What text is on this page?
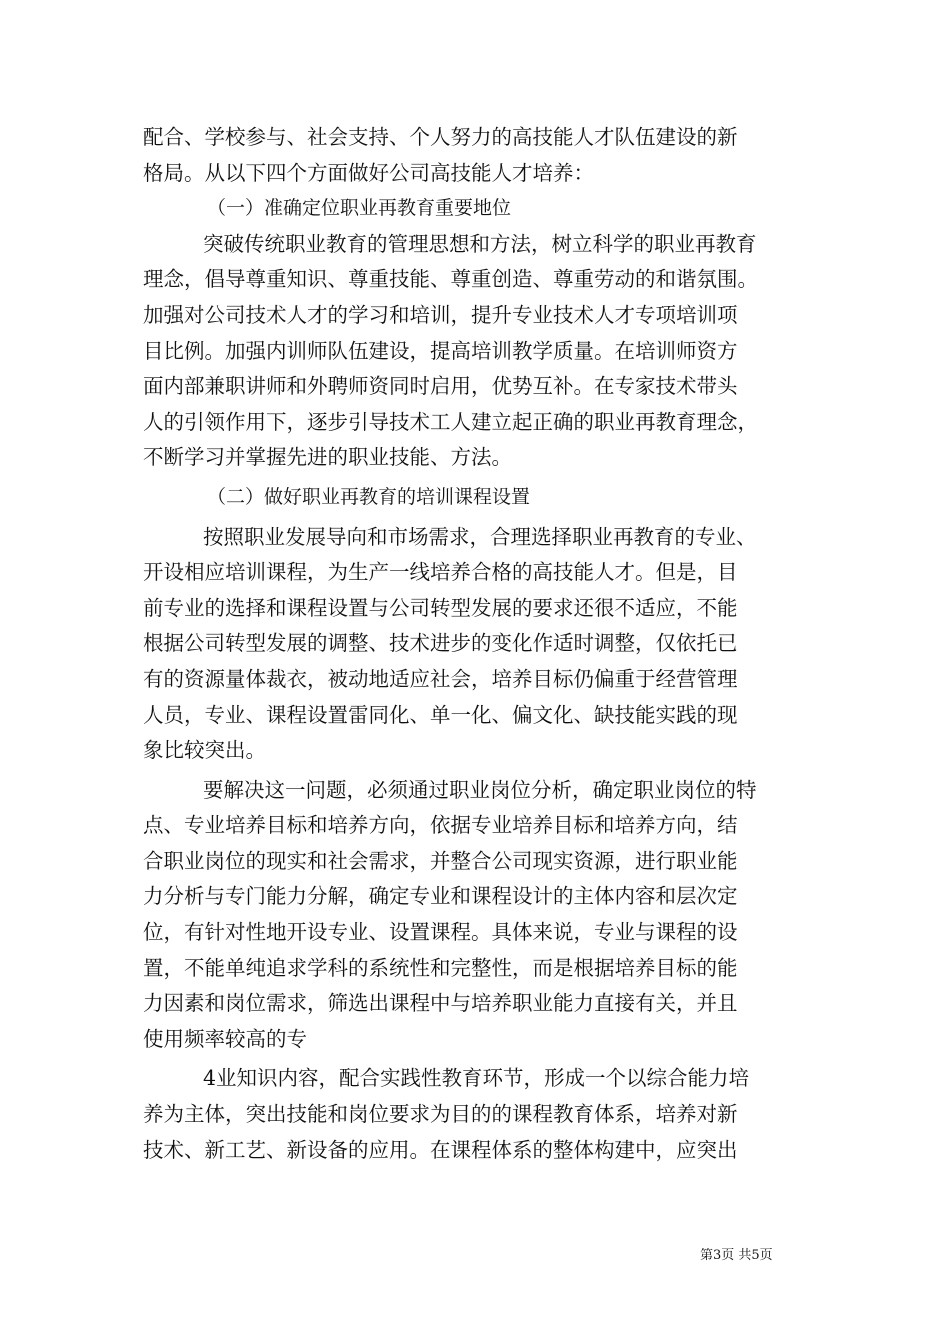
配合、学校参与、社会支持、个人努力的高技能人才队伍建设的新
格局。从以下四个方面做好公司高技能人才培养：
（一）准确定位职业再教育重要地位
突破传统职业教育的管理思想和方法，树立科学的职业再教育
理念，倡导尊重知识、尊重技能、尊重创造、尊重劳动的和谐氛围。
加强对公司技术人才的学习和培训，提升专业技术人才专项培训项
目比例。加强内训师队伍建设，提高培训教学质量。在培训师资方
面内部兼职讲师和外聘师资同时启用，优势互补。在专家技术带头
人的引领作用下，逐步引导技术工人建立起正确的职业再教育理念，
不断学习并掌握先进的职业技能、方法。
（二）做好职业再教育的培训课程设置
按照职业发展导向和市场需求，合理选择职业再教育的专业、
开设相应培训课程，为生产一线培养合格的高技能人才。但是，目
前专业的选择和课程设置与公司转型发展的要求还很不适应，不能
根据公司转型发展的调整、技术进步的变化作适时调整，仅依托已
有的资源量体裁衣，被动地适应社会，培养目标仍偏重于经营管理
人员，专业、课程设置雷同化、单一化、偏文化、缺技能实践的现
象比较突出。
要解决这一问题，必须通过职业岗位分析，确定职业岗位的特
点、专业培养目标和培养方向，依据专业培养目标和培养方向，结
合职业岗位的现实和社会需求，并整合公司现实资源，进行职业能
力分析与专门能力分解，确定专业和课程设计的主体内容和层次定
位，有针对性地开设专业、设置课程。具体来说，专业与课程的设
置，不能单纯追求学科的系统性和完整性，而是根据培养目标的能
力因素和岗位需求，筛选出课程中与培养职业能力直接有关，并且
使用频率较高的专
4业知识内容，配合实践性教育环节，形成一个以综合能力培
养为主体，突出技能和岗位要求为目的的课程教育体系，培养对新
技术、新工艺、新设备的应用。在课程体系的整体构建中，应突出
第3页 共5页
